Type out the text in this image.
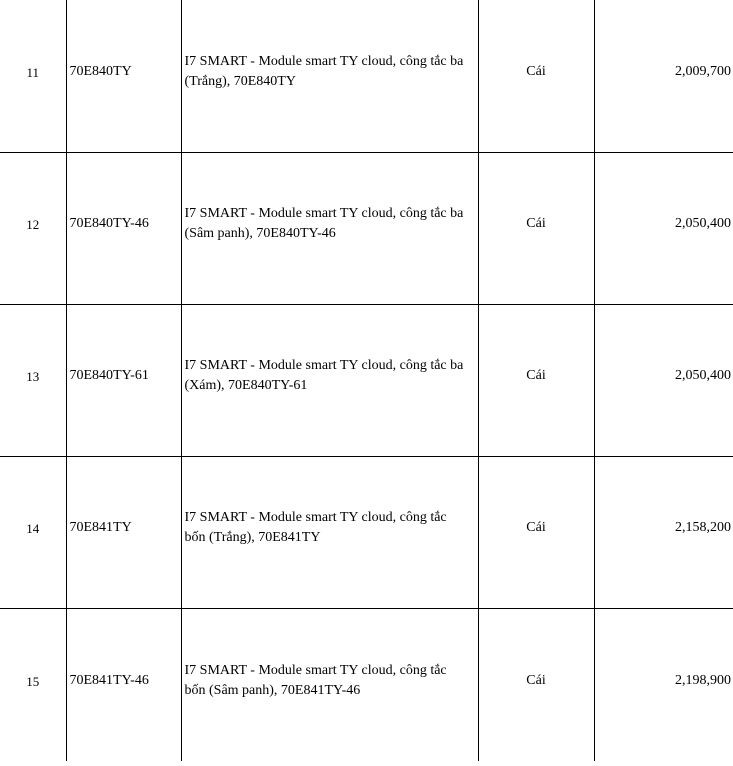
11	70E840TY	I7 SMART - Module smart TY cloud, công tắc ba (Trắng), 70E840TY	Cái	2,009,700

12	70E840TY-46	I7 SMART - Module smart TY cloud, công tắc ba (Sâm panh), 70E840TY-46	Cái	2,050,400

13	70E840TY-61	I7 SMART - Module smart TY cloud, công tắc ba (Xám), 70E840TY-61	Cái	2,050,400

14	70E841TY	I7 SMART - Module smart TY cloud, công tắc bốn (Trắng), 70E841TY	Cái	2,158,200

15	70E841TY-46	I7 SMART - Module smart TY cloud, công tắc bốn (Sâm panh), 70E841TY-46	Cái	2,198,900
